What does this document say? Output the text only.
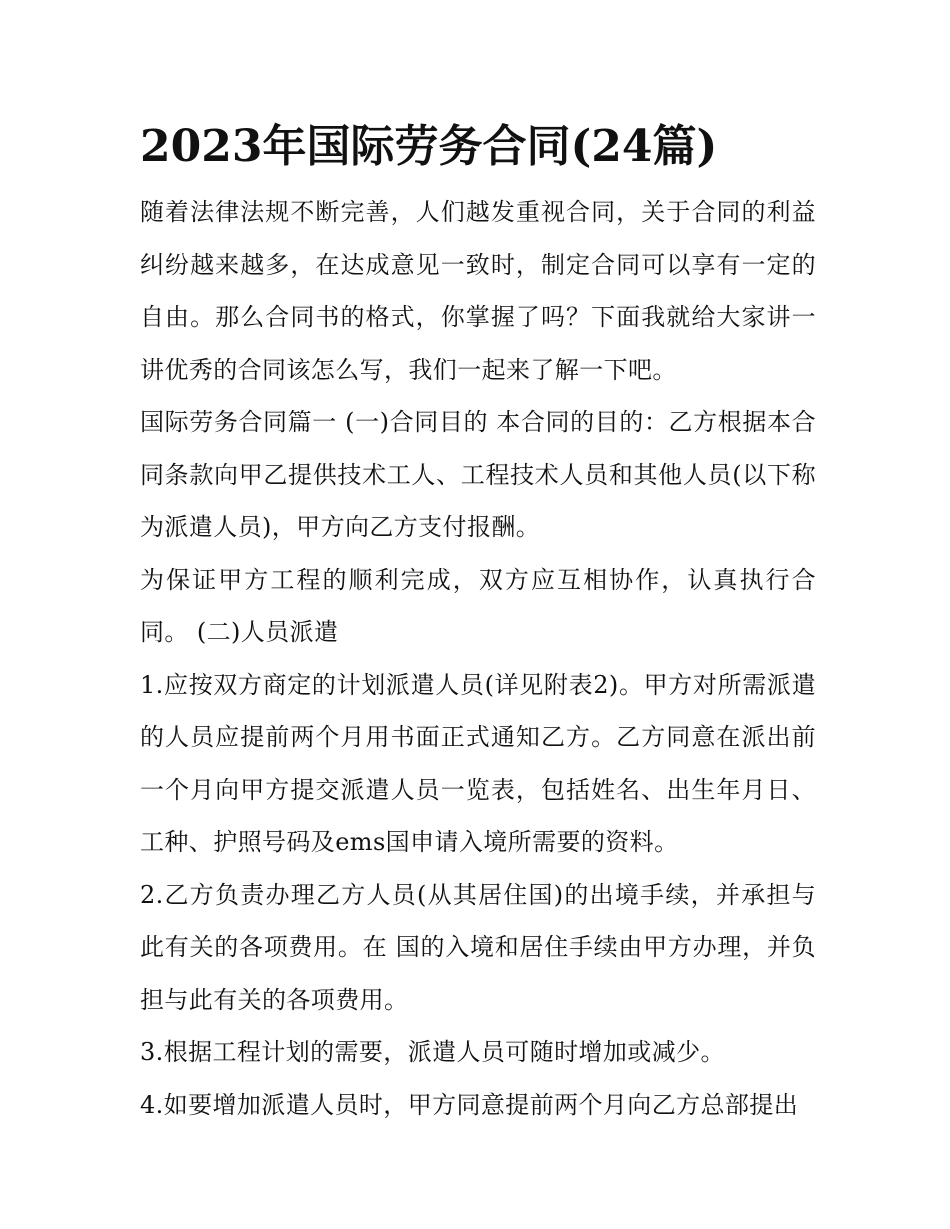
2023年国际劳务合同(24篇)

随着法律法规不断完善，人们越发重视合同，关于合同的利益纠纷越来越多，在达成意见一致时，制定合同可以享有一定的自由。那么合同书的格式，你掌握了吗？下面我就给大家讲一讲优秀的合同该怎么写，我们一起来了解一下吧。

国际劳务合同篇一 (一)合同目的 本合同的目的：乙方根据本合同条款向甲乙提供技术工人、工程技术人员和其他人员(以下称为派遣人员)，甲方向乙方支付报酬。

为保证甲方工程的顺利完成，双方应互相协作，认真执行合同。 (二)人员派遣

1.应按双方商定的计划派遣人员(详见附表2)。甲方对所需派遣的人员应提前两个月用书面正式通知乙方。乙方同意在派出前一个月向甲方提交派遣人员一览表，包括姓名、出生年月日、工种、护照号码及ems国申请入境所需要的资料。

2.乙方负责办理乙方人员(从其居住国)的出境手续，并承担与此有关的各项费用。在 国的入境和居住手续由甲方办理，并负担与此有关的各项费用。

3.根据工程计划的需要，派遣人员可随时增加或减少。

4.如要增加派遣人员时，甲方同意提前两个月向乙方总部提出
